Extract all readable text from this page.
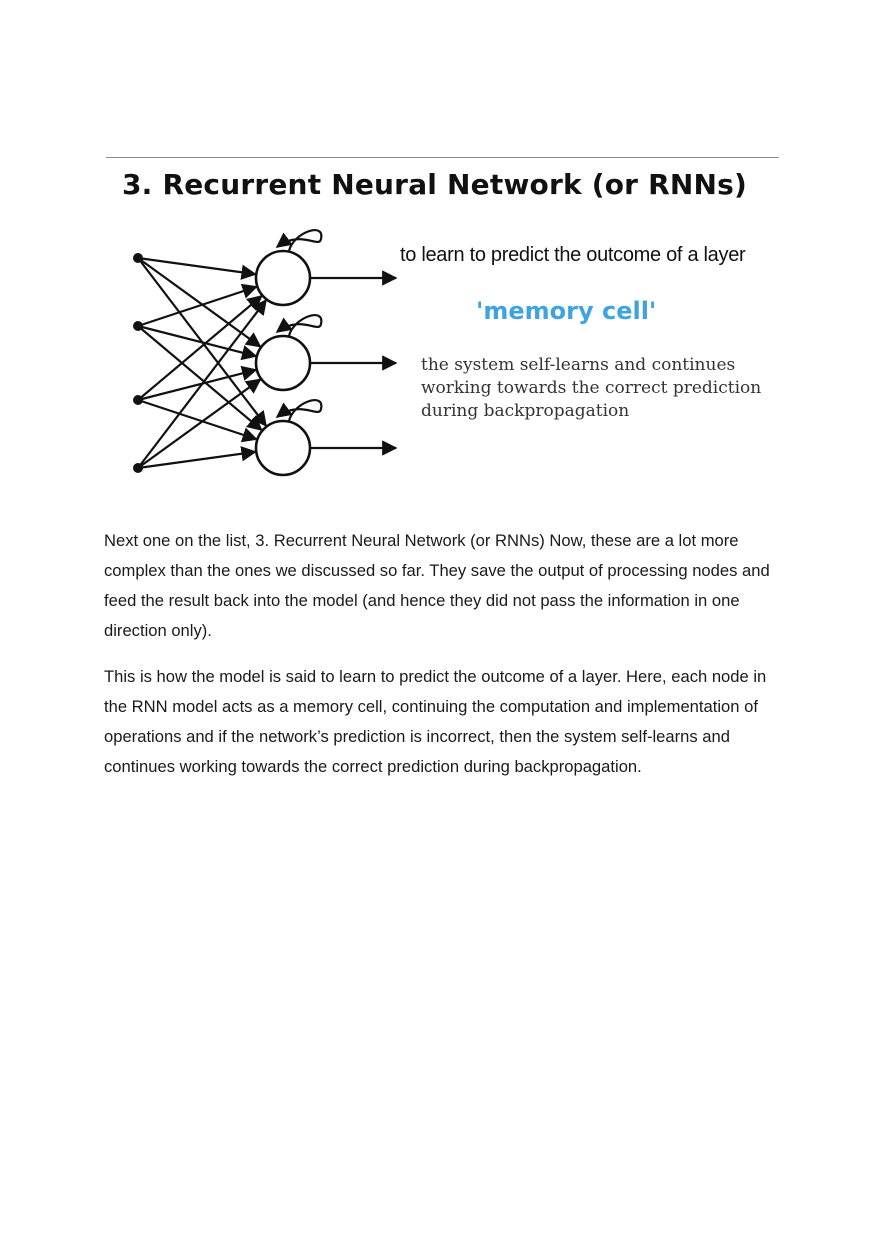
3. Recurrent Neural Network (or RNNs)
to learn to predict the outcome of a layer
'memory cell'
the system self-learns and continues
working towards the correct prediction
during backpropagation

Next one on the list, 3. Recurrent Neural Network (or RNNs) Now, these are a lot more complex than the ones we discussed so far. They save the output of processing nodes and feed the result back into the model (and hence they did not pass the information in one direction only).

This is how the model is said to learn to predict the outcome of a layer. Here, each node in the RNN model acts as a memory cell, continuing the computation and implementation of operations and if the network’s prediction is incorrect, then the system self-learns and continues working towards the correct prediction during backpropagation.
